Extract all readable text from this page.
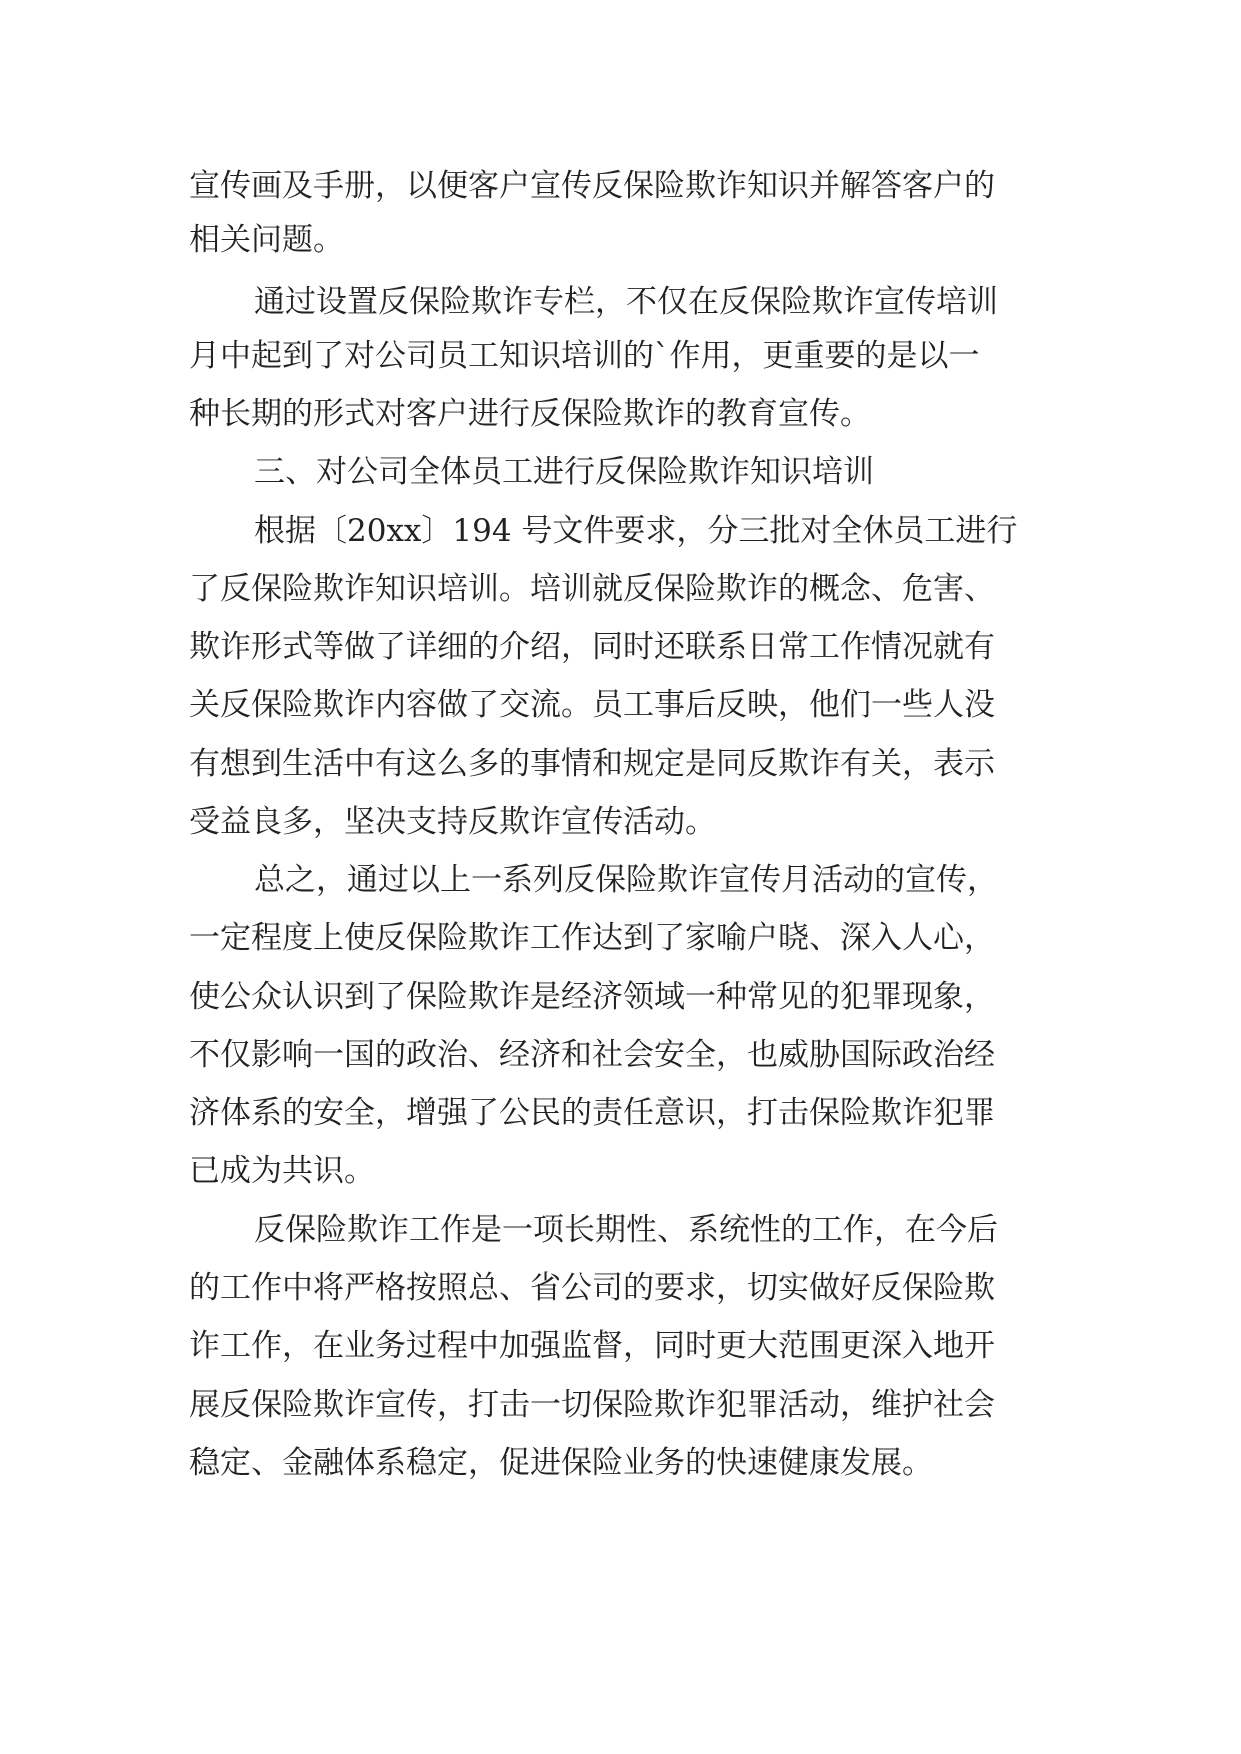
宣传画及手册，以便客户宣传反保险欺诈知识并解答客户的
相关问题。
通过设置反保险欺诈专栏，不仅在反保险欺诈宣传培训
月中起到了对公司员工知识培训的`作用，更重要的是以一
种长期的形式对客户进行反保险欺诈的教育宣传。
三、对公司全体员工进行反保险欺诈知识培训
根据〔20xx〕194 号文件要求，分三批对全休员工进行
了反保险欺诈知识培训。培训就反保险欺诈的概念、危害、
欺诈形式等做了详细的介绍，同时还联系日常工作情况就有
关反保险欺诈内容做了交流。员工事后反映，他们一些人没
有想到生活中有这么多的事情和规定是同反欺诈有关，表示
受益良多，坚决支持反欺诈宣传活动。
总之，通过以上一系列反保险欺诈宣传月活动的宣传，
一定程度上使反保险欺诈工作达到了家喻户晓、深入人心，
使公众认识到了保险欺诈是经济领域一种常见的犯罪现象，
不仅影响一国的政治、经济和社会安全，也威胁国际政治经
济体系的安全，增强了公民的责任意识，打击保险欺诈犯罪
已成为共识。
反保险欺诈工作是一项长期性、系统性的工作，在今后
的工作中将严格按照总、省公司的要求，切实做好反保险欺
诈工作，在业务过程中加强监督，同时更大范围更深入地开
展反保险欺诈宣传，打击一切保险欺诈犯罪活动，维护社会
稳定、金融体系稳定，促进保险业务的快速健康发展。
